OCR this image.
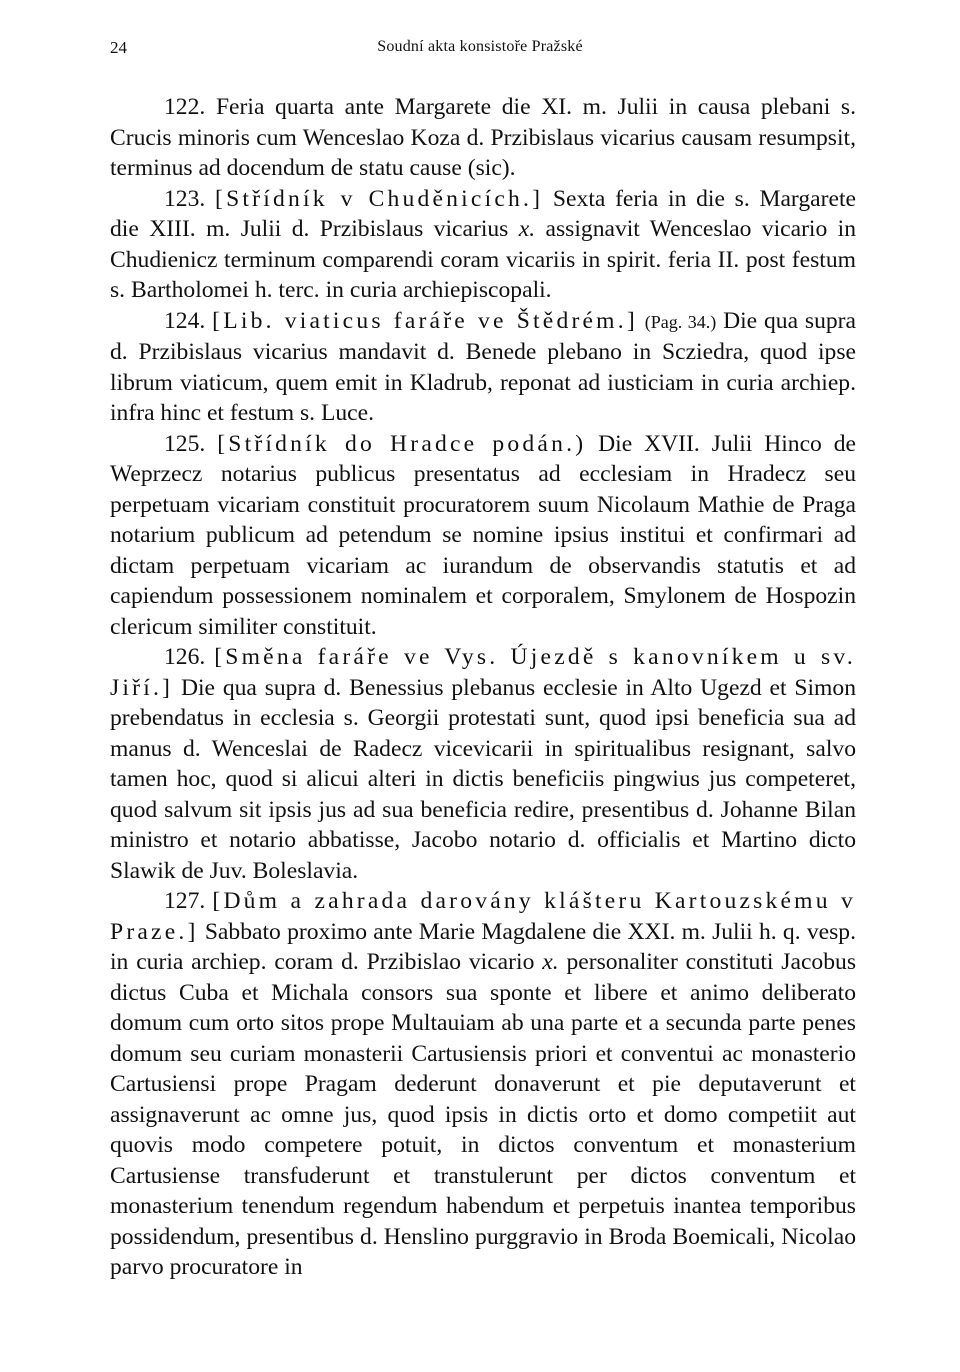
24	Soudní akta konsistoře Pražské

122. Feria quarta ante Margarete die XI. m. Julii in causa plebani s. Crucis minoris cum Wenceslao Koza d. Przibislaus vicarius causam resumpsit, terminus ad docendum de statu cause (sic).

123. [Střídník v Chuděnicích.] Sexta feria in die s. Margarete die XIII. m. Julii d. Przibislaus vicarius x. assignavit Wenceslao vicario in Chudienicz terminum comparendi coram vicariis in spirit. feria II. post festum s. Bartholomei h. terc. in curia archiepiscopali.

124. [Lib. viaticus faráře ve Štědrém.] (Pag. 34.) Die qua supra d. Przibislaus vicarius mandavit d. Benede plebano in Scziedra, quod ipse librum viaticum, quem emit in Kladrub, reponat ad iusticiam in curia archiep. infra hinc et festum s. Luce.

125. [Střídník do Hradce podán.) Die XVII. Julii Hinco de Weprzecz notarius publicus presentatus ad ecclesiam in Hradecz seu perpetuam vicariam constituit procuratorem suum Nicolaum Mathie de Praga notarium publicum ad petendum se nomine ipsius institui et confirmari ad dictam perpetuam vicariam ac iurandum de observandis statutis et ad capiendum possessionem nominalem et corporalem, Smylonem de Hospozin clericum similiter constituit.

126. [Směna faráře ve Vys. Újezdě s kanovníkem u sv. Jiří.] Die qua supra d. Benessius plebanus ecclesie in Alto Ugezd et Simon prebendatus in ecclesia s. Georgii protestati sunt, quod ipsi beneficia sua ad manus d. Wenceslai de Radecz vicevicarii in spiritualibus resignant, salvo tamen hoc, quod si alicui alteri in dictis beneficiis pingwius jus competeret, quod salvum sit ipsis jus ad sua beneficia redire, presentibus d. Johanne Bilan ministro et notario abbatisse, Jacobo notario d. officialis et Martino dicto Slawik de Juv. Boleslavia.

127. [Dům a zahrada darovány klášteru Kartouzskému v Praze.] Sabbato proximo ante Marie Magdalene die XXI. m. Julii h. q. vesp. in curia archiep. coram d. Przibislao vicario x. personaliter constituti Jacobus dictus Cuba et Michala consors sua sponte et libere et animo deliberato domum cum orto sitos prope Multauiam ab una parte et a secunda parte penes domum seu curiam monasterii Cartusiensis priori et conventui ac monasterio Cartusiensi prope Pragam dederunt donaverunt et pie deputaverunt et assignaverunt ac omne jus, quod ipsis in dictis orto et domo competiit aut quovis modo competere potuit, in dictos conventum et monasterium Cartusiense transfuderunt et transtulerunt per dictos conventum et monasterium tenendum regendum habendum et perpetuis inantea temporibus possidendum, presentibus d. Henslino purggravio in Broda Boemicali, Nicolao parvo procuratore in
